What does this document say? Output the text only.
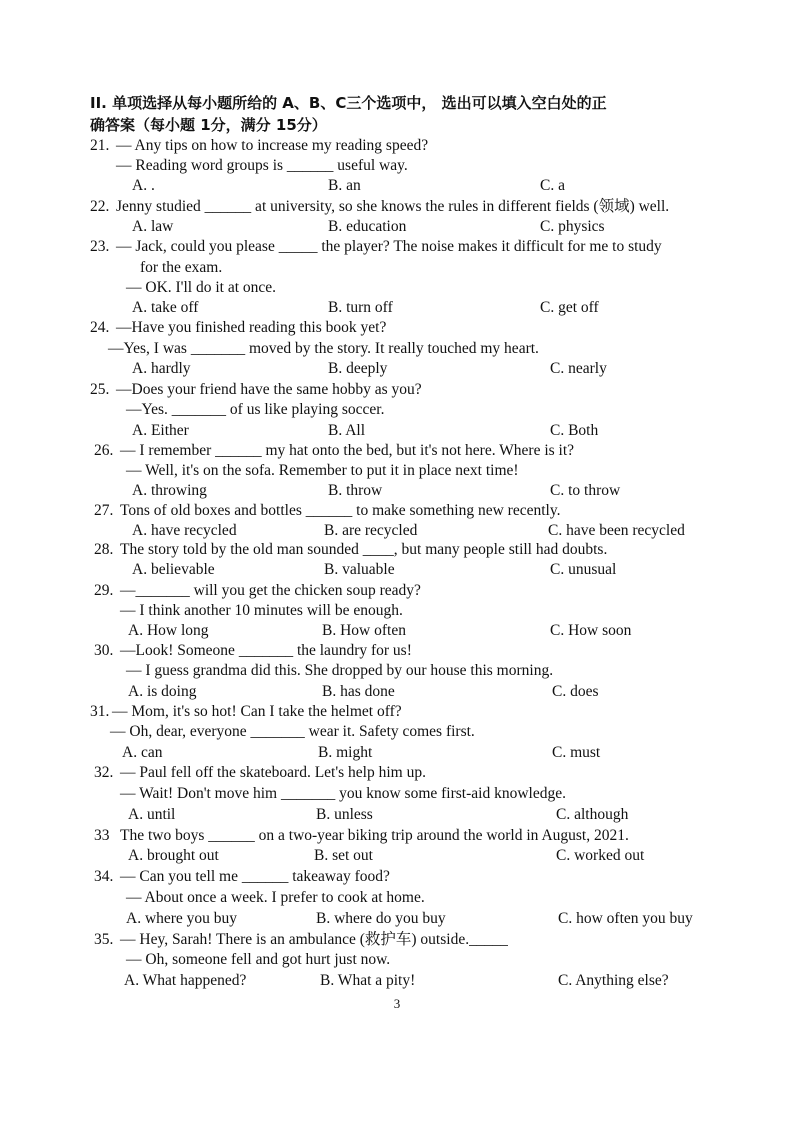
II. 单项选择从每小题所给的 A、B、C三个选项中， 选出可以填入空白处的正
确答案（每小题 1分，满分 15分）
21. — Any tips on how to increase my reading speed?
— Reading word groups is ______ useful way.
A. .	B. an	C. a
22. Jenny studied ______ at university, so she knows the rules in different fields (领域) well.
A. law	B. education	C. physics
23. — Jack, could you please _____ the player? The noise makes it difficult for me to study
for the exam.
— OK. I'll do it at once.
A. take off	B. turn off	C. get off
24. —Have you finished reading this book yet?
—Yes, I was _______ moved by the story. It really touched my heart.
A. hardly	B. deeply	C. nearly
25. —Does your friend have the same hobby as you?
—Yes. _______ of us like playing soccer.
A. Either	B. All	C. Both
26. — I remember ______ my hat onto the bed, but it's not here. Where is it?
— Well, it's on the sofa. Remember to put it in place next time!
A. throwing	B. throw	C. to throw
27. Tons of old boxes and bottles ______ to make something new recently.
A. have recycled	B. are recycled	C. have been recycled
28. The story told by the old man sounded ____, but many people still had doubts.
A. believable	B. valuable	C. unusual
29. —_______ will you get the chicken soup ready?
— I think another 10 minutes will be enough.
A. How long	B. How often	C. How soon
30. —Look! Someone _______ the laundry for us!
— I guess grandma did this. She dropped by our house this morning.
A. is doing	B. has done	C. does
31. — Mom, it's so hot! Can I take the helmet off?
— Oh, dear, everyone _______ wear it. Safety comes first.
A. can	B. might	C. must
32. — Paul fell off the skateboard. Let's help him up.
— Wait! Don't move him _______ you know some first-aid knowledge.
A. until	B. unless	C. although
33 The two boys ______ on a two-year biking trip around the world in August, 2021.
A. brought out	B. set out	C. worked out
34. — Can you tell me ______ takeaway food?
— About once a week. I prefer to cook at home.
A. where you buy	B. where do you buy	C. how often you buy
35. — Hey, Sarah! There is an ambulance (救护车) outside._____
— Oh, someone fell and got hurt just now.
A. What happened?	B. What a pity!	C. Anything else?
3
